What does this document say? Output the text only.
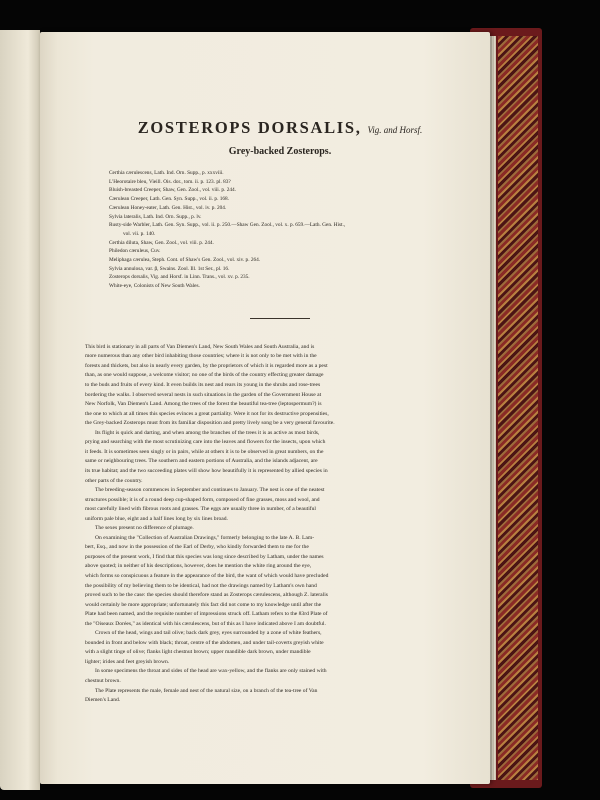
ZOSTEROPS DORSALIS, Vig. and Horsf.
Grey-backed Zosterops.
Certhia cærulescens, Lath. Ind. Orn. Supp., p. xxxviii.
L'Heorotaire bleu, Vieill. Ois. dor., tom. ii. p. 123. pl. 83?
Bluish-breasted Creeper, Shaw, Gen. Zool., vol. viii. p. 244.
Cærulean Creeper, Lath. Gen. Syn. Supp., vol. ii. p. 168.
Cærulean Honey-eater, Lath. Gen. Hist., vol. iv. p. 204.
Sylvia lateralis, Lath. Ind. Orn. Supp., p. lv.
Rusty-side Warbler, Lath. Gen. Syn. Supp., vol. ii. p. 250.—Shaw Gen. Zool., vol. x. p. 659.—Lath. Gen. Hist.,
vol. vii. p. 140.
Certhia diluta, Shaw, Gen. Zool., vol. viii. p. 244.
Philedon cæruleus, Cuv.
Meliphaga cærulea, Steph. Cont. of Shaw's Gen. Zool., vol. xiv. p. 264.
Sylvia annulosa, var. β, Swains. Zool. Ill. 1st Ser., pl. 16.
Zosterops dorsalis, Vig. and Horsf. in Linn. Trans., vol. xv. p. 235.
White-eye, Colonists of New South Wales.

This bird is stationary in all parts of Van Diemen's Land, New South Wales and South Australia, and is

more numerous than any other bird inhabiting those countries; where it is not only to be met with in the

forests and thickets, but also in nearly every garden, by the proprietors of which it is regarded more as a pest

than, as one would suppose, a welcome visitor; no one of the birds of the country effecting greater damage

to the buds and fruits of every kind. It even builds its nest and rears its young in the shrubs and rose-trees

bordering the walks. I observed several nests in such situations in the garden of the Government House at

New Norfolk, Van Diemen's Land. Among the trees of the forest the beautiful tea-tree (leptospermum?) is

the one to which at all times this species evinces a great partiality. Were it not for its destructive propensities,

the Grey-backed Zosterops must from its familiar disposition and pretty lively song be a very general favourite.

Its flight is quick and darting, and when among the branches of the trees it is as active as most birds,

prying and searching with the most scrutinizing care into the leaves and flowers for the insects, upon which

it feeds. It is sometimes seen singly or in pairs, while at others it is to be observed in great numbers, on the

same or neighbouring trees. The southern and eastern portions of Australia, and the islands adjacent, are

its true habitat; and the two succeeding plates will show how beautifully it is represented by allied species in

other parts of the country.

The breeding-season commences in September and continues to January. The nest is one of the neatest

structures possible; it is of a round deep cup-shaped form, composed of fine grasses, moss and wool, and

most carefully lined with fibrous roots and grasses. The eggs are usually three in number, of a beautiful

uniform pale blue, eight and a half lines long by six lines broad.

The sexes present no difference of plumage.

On examining the "Collection of Australian Drawings," formerly belonging to the late A. B. Lam-

bert, Esq., and now in the possession of the Earl of Derby, who kindly forwarded them to me for the

purposes of the present work, I find that this species was long since described by Latham, under the names

above quoted; in neither of his descriptions, however, does he mention the white ring around the eye,

which forms so conspicuous a feature in the appearance of the bird, the want of which would have precluded

the possibility of my believing them to be identical, had not the drawings named by Latham's own hand

proved such to be the case: the species should therefore stand as Zosterops cærulescens, although Z. lateralis

would certainly be more appropriate; unfortunately this fact did not come to my knowledge until after the

Plate had been named, and the requisite number of impressions struck off. Latham refers to the 83rd Plate of

the "Oiseaux Dorées," as identical with his cærulescens, but of this as I have indicated above I am doubtful.

Crown of the head, wings and tail olive; back dark grey, eyes surrounded by a zone of white feathers,

bounded in front and below with black; throat, centre of the abdomen, and under tail-coverts greyish white

with a slight tinge of olive; flanks light chestnut brown; upper mandible dark brown, under mandible

lighter; irides and feet greyish brown.

In some specimens the throat and sides of the head are wax-yellow, and the flanks are only stained with

chestnut brown.

The Plate represents the male, female and nest of the natural size, on a branch of the tea-tree of Van

Diemen's Land.
